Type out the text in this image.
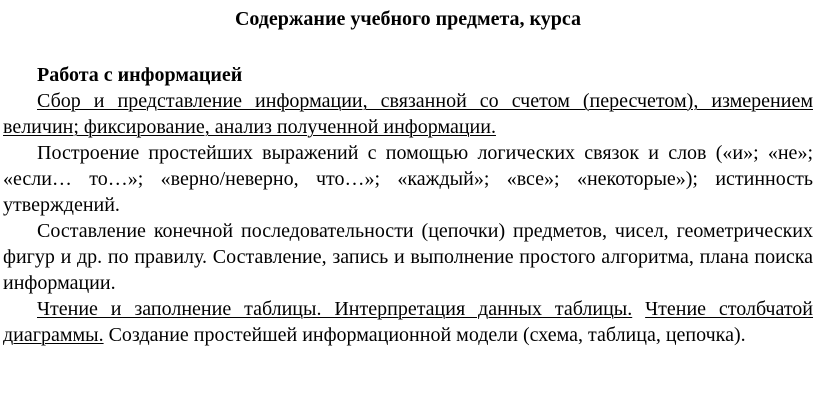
Содержание учебного предмета, курса
Работа с информацией

Сбор и представление информации, связанной со счетом (пересчетом), измерением величин; фиксирование, анализ полученной информации.

Построение простейших выражений с помощью логических связок и слов («и»; «не»; «если… то…»; «верно/неверно, что…»; «каждый»; «все»; «некоторые»); истинность утверждений.

Составление конечной последовательности (цепочки) предметов, чисел, геометрических фигур и др. по правилу. Составление, запись и выполнение простого алгоритма, плана поиска информации.

Чтение и заполнение таблицы. Интерпретация данных таблицы. Чтение столбчатой диаграммы. Создание простейшей информационной модели (схема, таблица, цепочка).
